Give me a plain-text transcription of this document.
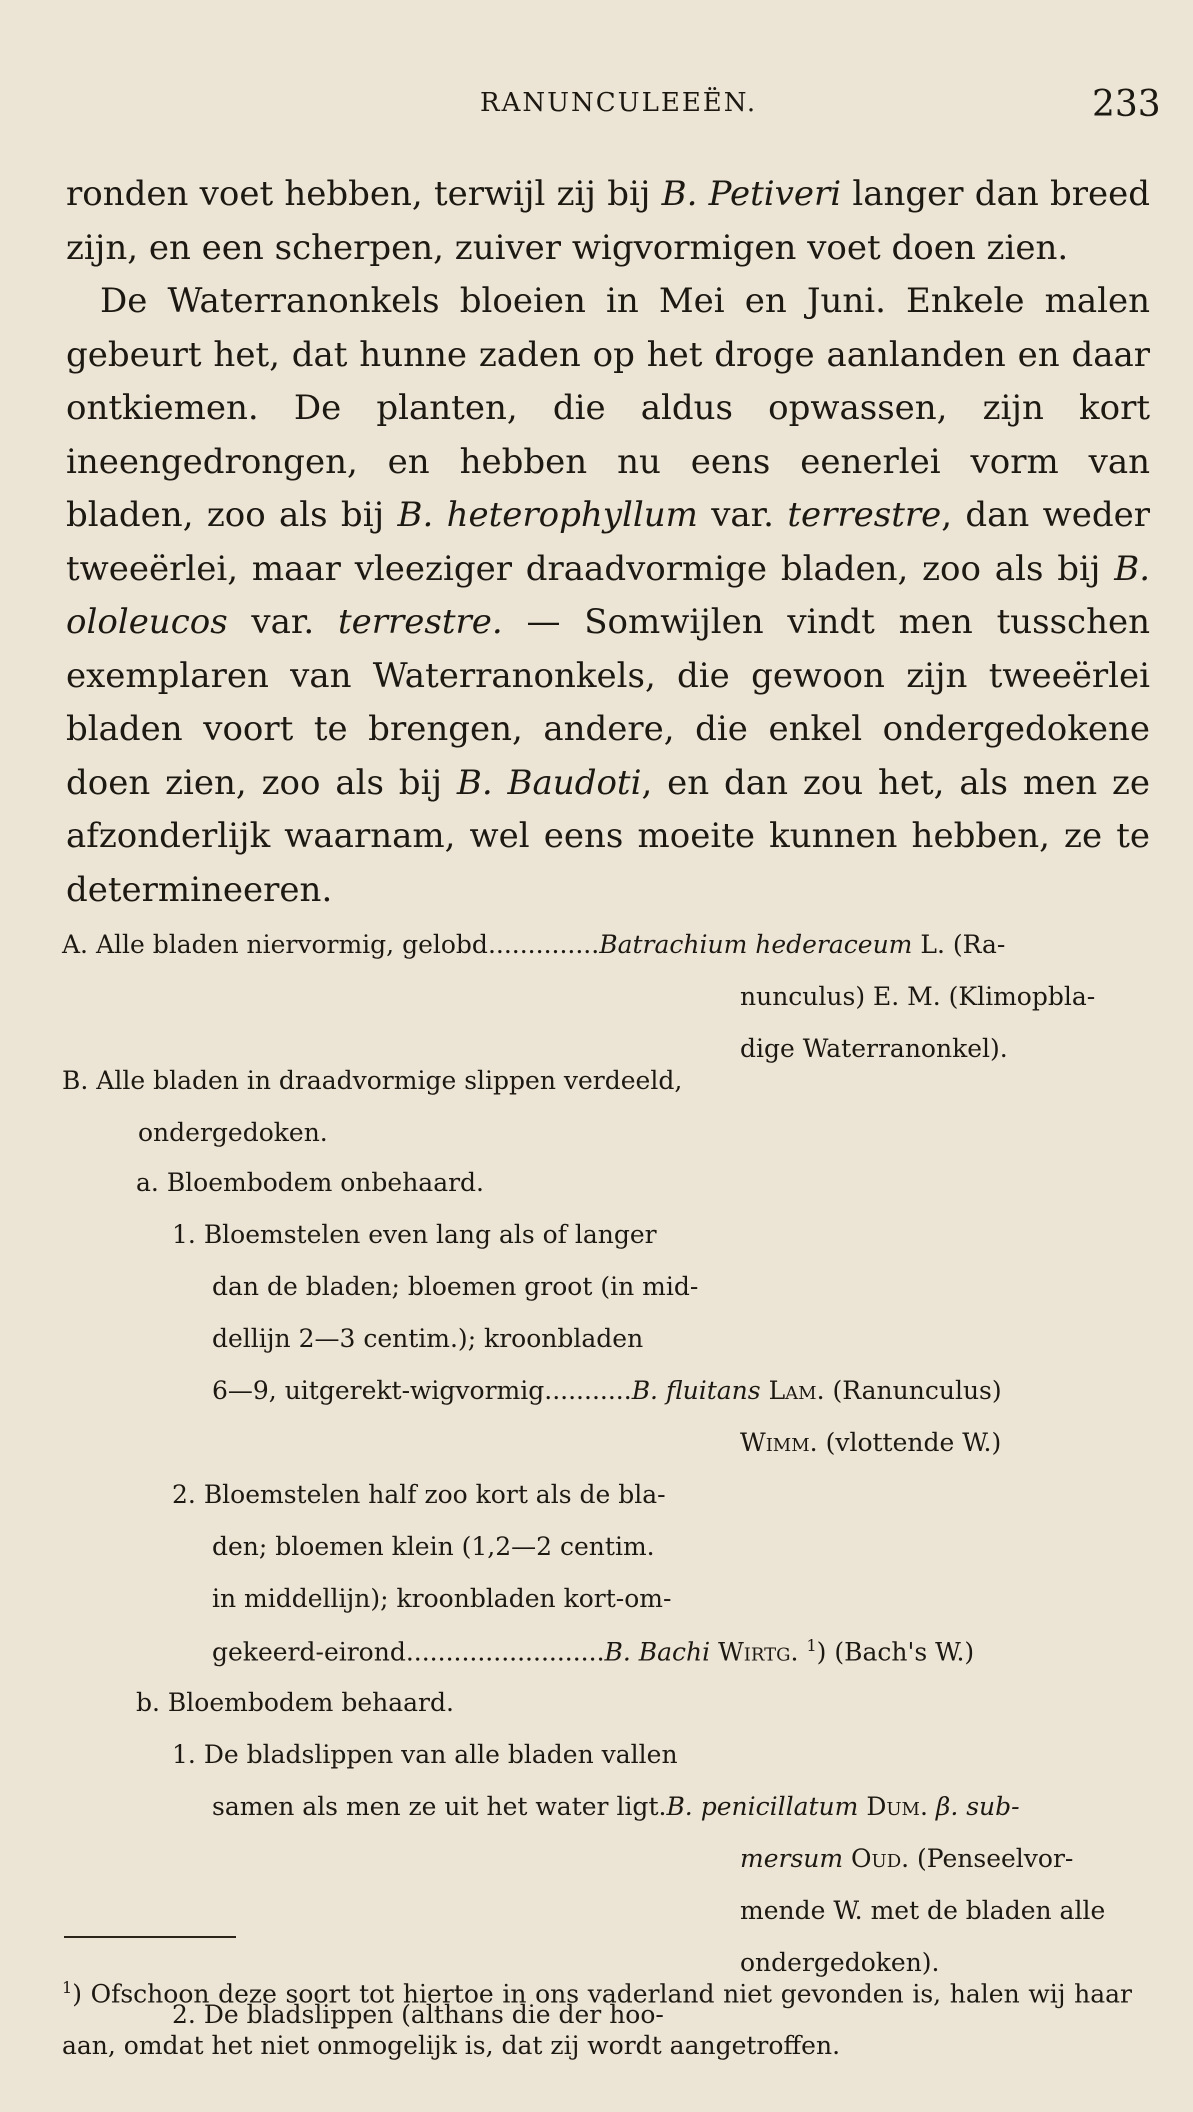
RANUNCULEEËN.	233

ronden voet hebben, terwijl zij bij B. Petiveri langer dan breed zijn, en een scherpen, zuiver wigvormigen voet doen zien.

De Waterranonkels bloeien in Mei en Juni. Enkele malen gebeurt het, dat hunne zaden op het droge aanlanden en daar ontkiemen. De planten, die aldus opwassen, zijn kort ineengedrongen, en hebben nu eens eenerlei vorm van bladen, zoo als bij B. heterophyllum var. terrestre, dan weder tweeërlei, maar vleeziger draadvormige bladen, zoo als bij B. ololeucos var. terrestre. — Somwijlen vindt men tusschen exemplaren van Waterranonkels, die gewoon zijn tweeërlei bladen voort te brengen, andere, die enkel ondergedokene doen zien, zoo als bij B. Baudoti, en dan zou het, als men ze afzonderlijk waarnam, wel eens moeite kunnen hebben, ze te determineeren.

A. Alle bladen niervormig, gelobd..............Batrachium hederaceum L. (Ra-
nunculus) E. M. (Klimopbla-
dige Waterranonkel).
B. Alle bladen in draadvormige slippen verdeeld,
ondergedoken.
a. Bloembodem onbehaard.
1. Bloemstelen even lang als of langer
dan de bladen; bloemen groot (in mid-
dellijn 2—3 centim.); kroonbladen
6—9, uitgerekt-wigvormig...........B. fluitans Lam. (Ranunculus)
Wimm. (vlottende W.)
2. Bloemstelen half zoo kort als de bla-
den; bloemen klein (1,2—2 centim.
in middellijn); kroonbladen kort-om-
gekeerd-eirond.........................B. Bachi Wirtg. $^1$) (Bach's W.)
b. Bloembodem behaard.
1. De bladslippen van alle bladen vallen
samen als men ze uit het water ligt.B. penicillatum Dum. β. sub-
mersum Oud. (Penseelvor-
mende W. met de bladen alle
ondergedoken).
2. De bladslippen (althans die der hoo-
$^1$) Ofschoon deze soort tot hiertoe in ons vaderland niet gevonden is, halen wij haar aan, omdat het niet onmogelijk is, dat zij wordt aangetroffen.
